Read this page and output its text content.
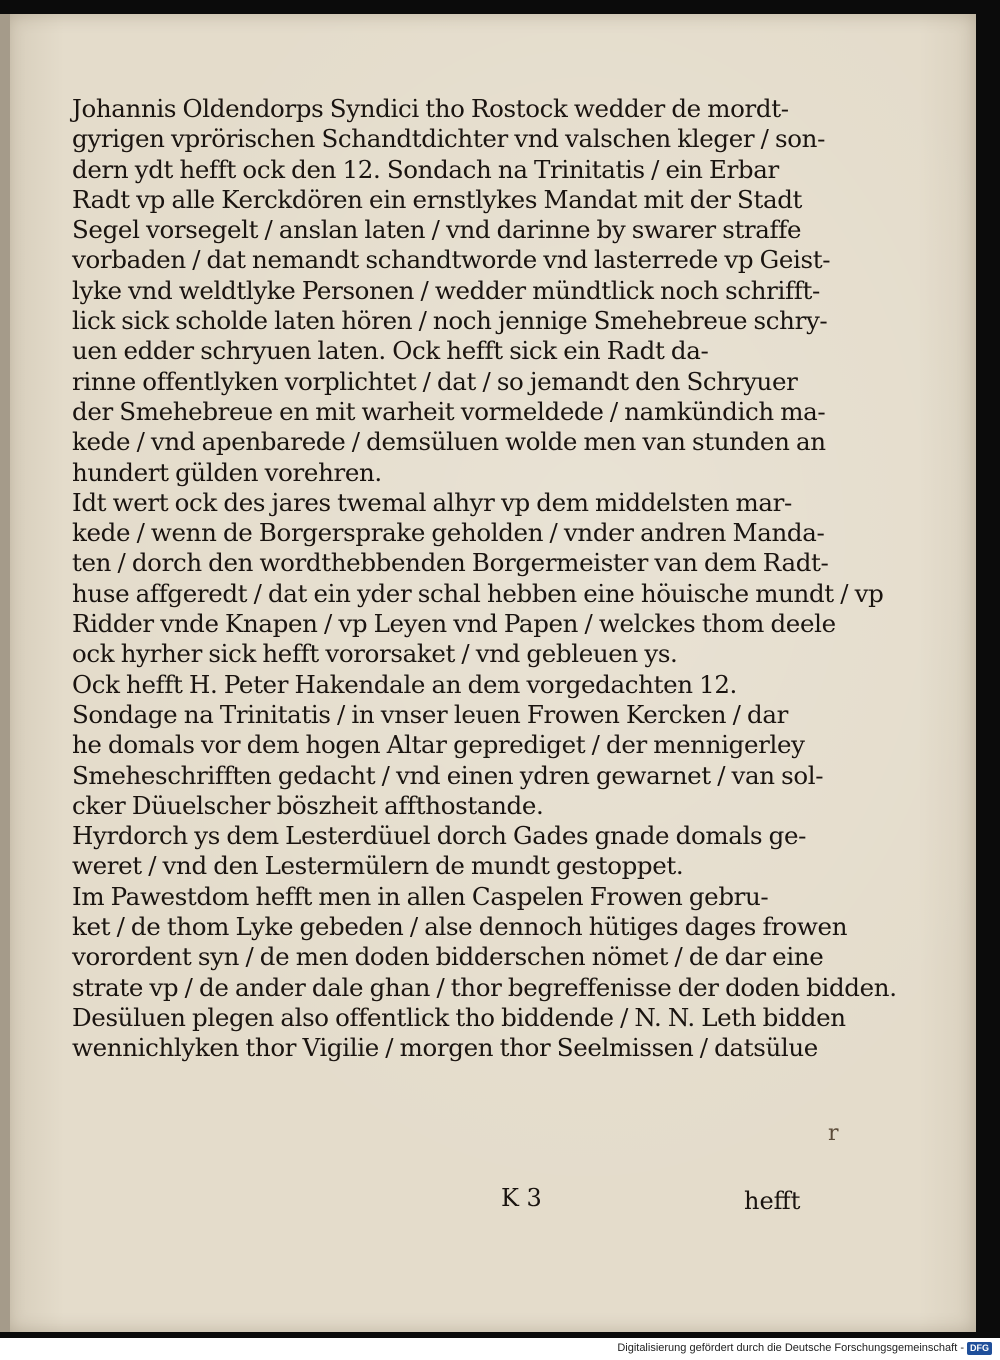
Johannis Oldendorps Syndici tho Rostock wedder de mordt-
gyrigen vprörischen Schandtdichter vnd valschen kleger / son-
dern ydt hefft ock den 12. Sondach na Trinitatis / ein Erbar
Radt vp alle Kerckdören ein ernstlykes Mandat mit der Stadt
Segel vorsegelt / anslan laten / vnd darinne by swarer straffe
vorbaden / dat nemandt schandtworde vnd lasterrede vp Geist-
lyke vnd weldtlyke Personen / wedder mündtlick noch schrifft-
lick sick scholde laten hören / noch jennige Smehebreue schry-
uen edder schryuen laten. Ock hefft sick ein Radt da-
rinne offentlyken vorplichtet / dat / so jemandt den Schryuer
der Smehebreue en mit warheit vormeldede / namkündich ma-
kede / vnd apenbarede / demsüluen wolde men van stunden an
hundert gülden vorehren.
Idt wert ock des jares twemal alhyr vp dem middelsten mar-
kede / wenn de Borgersprake geholden / vnder andren Manda-
ten / dorch den wordthebbenden Borgermeister van dem Radt-
huse affgeredt / dat ein yder schal hebben eine höuische mundt / vp
Ridder vnde Knapen / vp Leyen vnd Papen / welckes thom deele
ock hyrher sick hefft vororsaket / vnd gebleuen ys.
Ock hefft H. Peter Hakendale an dem vorgedachten 12.
Sondage na Trinitatis / in vnser leuen Frowen Kercken / dar
he domals vor dem hogen Altar geprediget / der mennigerley
Smeheschrifften gedacht / vnd einen ydren gewarnet / van sol-
cker Düuelscher böszheit affthostande.
Hyrdorch ys dem Lesterdüuel dorch Gades gnade domals ge-
weret / vnd den Lestermülern de mundt gestoppet.
Im Pawestdom hefft men in allen Caspelen Frowen gebru-
ket / de thom Lyke gebeden / alse dennoch hütiges dages frowen
vorordent syn / de men doden bidderschen nömet / de dar eine
strate vp / de ander dale ghan / thor begreffenisse der doden bidden.
Desüluen plegen also offentlick tho biddende / N. N. Leth bidden
wennichlyken thor Vigilie / morgen thor Seelmissen / datsülue
r
K 3	hefft
Digitalisierung gefördert durch die Deutsche Forschungsgemeinschaft - DFG
